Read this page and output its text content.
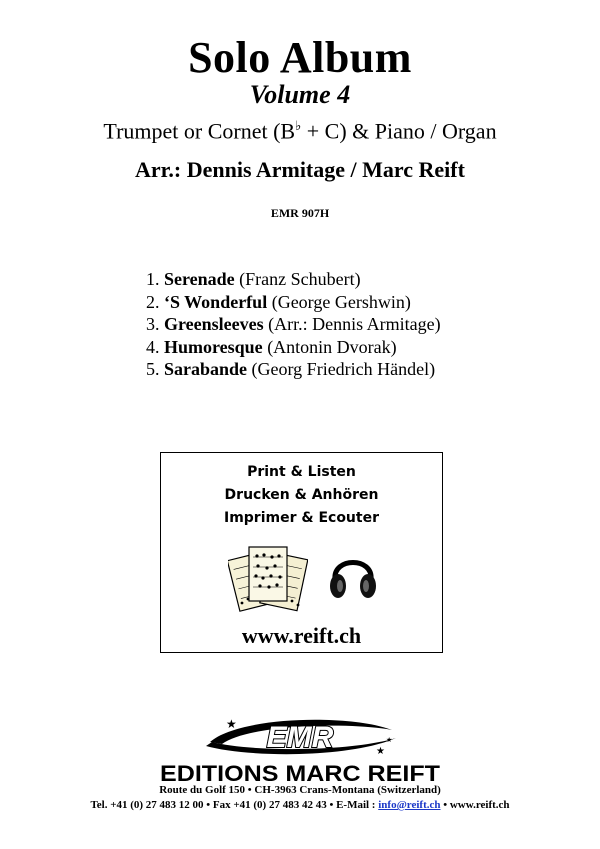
Solo Album
Volume 4
Trumpet or Cornet (B♭ + C) & Piano / Organ
Arr.: Dennis Armitage / Marc Reift
EMR 907H
1. Serenade (Franz Schubert)
2. ‘S Wonderful (George Gershwin)
3. Greensleeves (Arr.: Dennis Armitage)
4. Humoresque (Antonin Dvorak)
5. Sarabande (Georg Friedrich Händel)
Print & Listen
Drucken & Anhören
Imprimer & Ecouter
www.reift.ch
EMR
★
★
★
EDITIONS MARC REIFT
Route du Golf 150 • CH-3963 Crans-Montana (Switzerland)
Tel. +41 (0) 27 483 12 00 • Fax +41 (0) 27 483 42 43 • E-Mail : info@reift.ch • www.reift.ch
